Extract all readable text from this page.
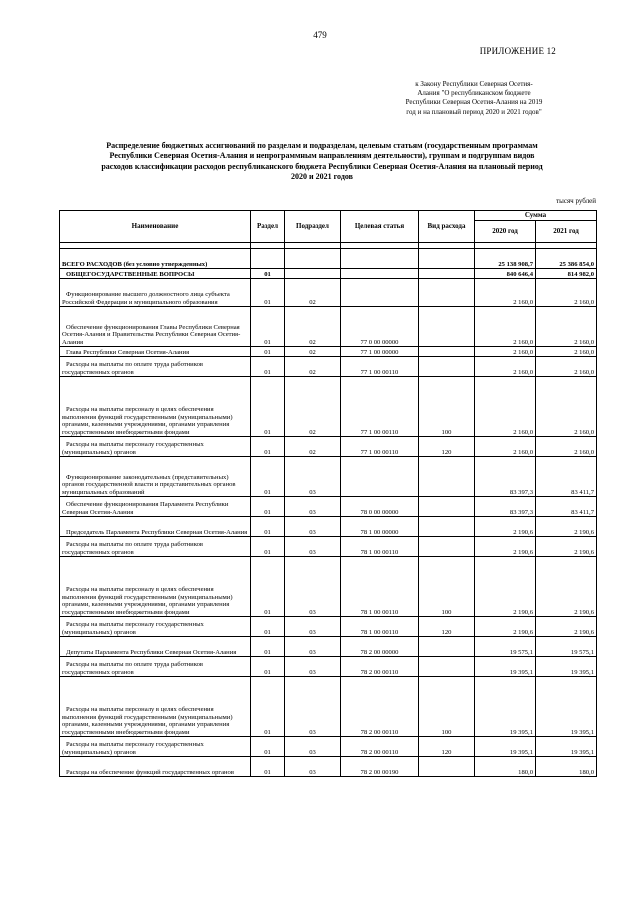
479
ПРИЛОЖЕНИЕ 12
к Закону Республики Северная Осетия-
Алания "О республиканском бюджете
Республики Северная Осетия-Алания на 2019
год и на плановый период 2020 и 2021 годов"
Распределение бюджетных ассигнований по разделам и подразделам, целевым статьям (государственным программам
Республики Северная Осетия-Алания и непрограммным направлениям деятельности), группам и подгруппам видов
расходов классификации расходов республиканского бюджета Республики Северная Осетия-Алания на плановый период
2020 и 2021 годов
тысяч рублей
Наименование	Раздел	Подраздел	Целевая статья	Вид расхода	Сумма	
					2020 год	2021 год

ВСЕГО РАСХОДОВ (без условно утвержденных)					25 138 908,7	25 386 854,0
ОБЩЕГОСУДАРСТВЕННЫЕ ВОПРОСЫ	01				840 646,4	814 982,0
Функционирование высшего должностного лица субъекта Российской Федерации и муниципального образования	01	02			2 160,0	2 160,0
Обеспечение функционирования Главы Республики Северная Осетия-Алания и Правительства Республики Северная Осетия-Алания	01	02	77 0 00 00000		2 160,0	2 160,0
Глава Республики Северная Осетия-Алания	01	02	77 1 00 00000		2 160,0	2 160,0
Расходы на выплаты по оплате труда работников государственных органов	01	02	77 1 00 00110		2 160,0	2 160,0
Расходы на выплаты персоналу в целях обеспечения выполнения функций государственными (муниципальными) органами, казенными учреждениями, органами управления государственными внебюджетными фондами	01	02	77 1 00 00110	100	2 160,0	2 160,0
Расходы на выплаты персоналу государственных (муниципальных) органов	01	02	77 1 00 00110	120	2 160,0	2 160,0
Функционирование законодательных (представительных) органов государственной власти и представительных органов муниципальных образований	01	03			83 397,3	83 411,7
Обеспечение функционирования Парламента Республики Северная Осетия-Алания	01	03	78 0 00 00000		83 397,3	83 411,7
Председатель Парламента Республики Северная Осетия-Алания	01	03	78 1 00 00000		2 190,6	2 190,6
Расходы на выплаты по оплате труда работников государственных органов	01	03	78 1 00 00110		2 190,6	2 190,6
Расходы на выплаты персоналу в целях обеспечения выполнения функций государственными (муниципальными) органами, казенными учреждениями, органами управления государственными внебюджетными фондами	01	03	78 1 00 00110	100	2 190,6	2 190,6
Расходы на выплаты персоналу государственных (муниципальных) органов	01	03	78 1 00 00110	120	2 190,6	2 190,6
Депутаты Парламента Республики Северная Осетия-Алания	01	03	78 2 00 00000		19 575,1	19 575,1
Расходы на выплаты по оплате труда работников государственных органов	01	03	78 2 00 00110		19 395,1	19 395,1
Расходы на выплаты персоналу в целях обеспечения выполнения функций государственными (муниципальными) органами, казенными учреждениями, органами управления государственными внебюджетными фондами	01	03	78 2 00 00110	100	19 395,1	19 395,1
Расходы на выплаты персоналу государственных (муниципальных) органов	01	03	78 2 00 00110	120	19 395,1	19 395,1
Расходы на обеспечение функций государственных органов	01	03	78 2 00 00190		180,0	180,0
